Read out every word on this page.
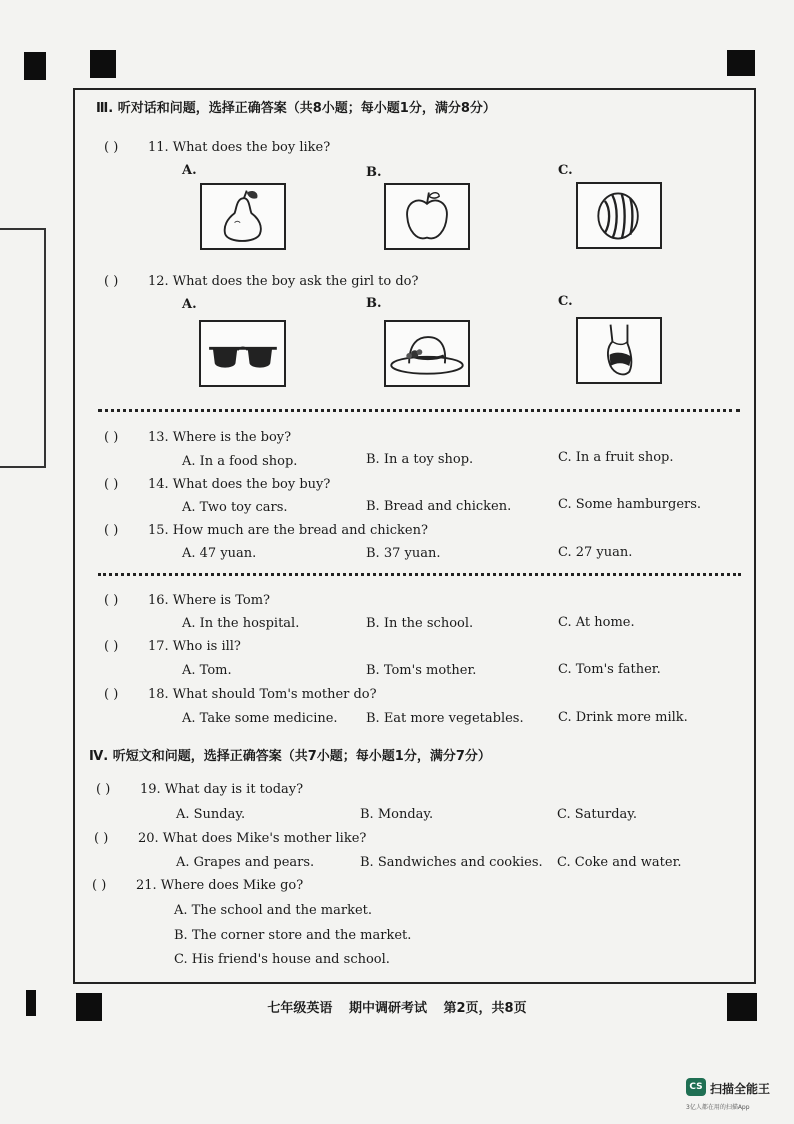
Ⅲ. 听对话和问题，选择正确答案（共8小题；每小题1分，满分8分）
( ) 11. What does the boy like?
A.	B.	C.
( ) 12. What does the boy ask the girl to do?
A.	B.	C.
( ) 13. Where is the boy?
A. In a food shop.	B. In a toy shop.	C. In a fruit shop.
( ) 14. What does the boy buy?
A. Two toy cars.	B. Bread and chicken.	C. Some hamburgers.
( ) 15. How much are the bread and chicken?
A. 47 yuan.	B. 37 yuan.	C. 27 yuan.
( ) 16. Where is Tom?
A. In the hospital.	B. In the school.	C. At home.
( ) 17. Who is ill?
A. Tom.	B. Tom's mother.	C. Tom's father.
( ) 18. What should Tom's mother do?
A. Take some medicine. B. Eat more vegetables.	C. Drink more milk.
Ⅳ. 听短文和问题，选择正确答案（共7小题；每小题1分，满分7分）
( ) 19. What day is it today?
A. Sunday.	B. Monday.	C. Saturday.
( ) 20. What does Mike's mother like?
A. Grapes and pears.	B. Sandwiches and cookies. C. Coke and water.
( ) 21. Where does Mike go?
A. The school and the market.
B. The corner store and the market.
C. His friend's house and school.
七年级英语 期中调研考试 第2页，共8页
CS 扫描全能王
3亿人都在用的扫描App
